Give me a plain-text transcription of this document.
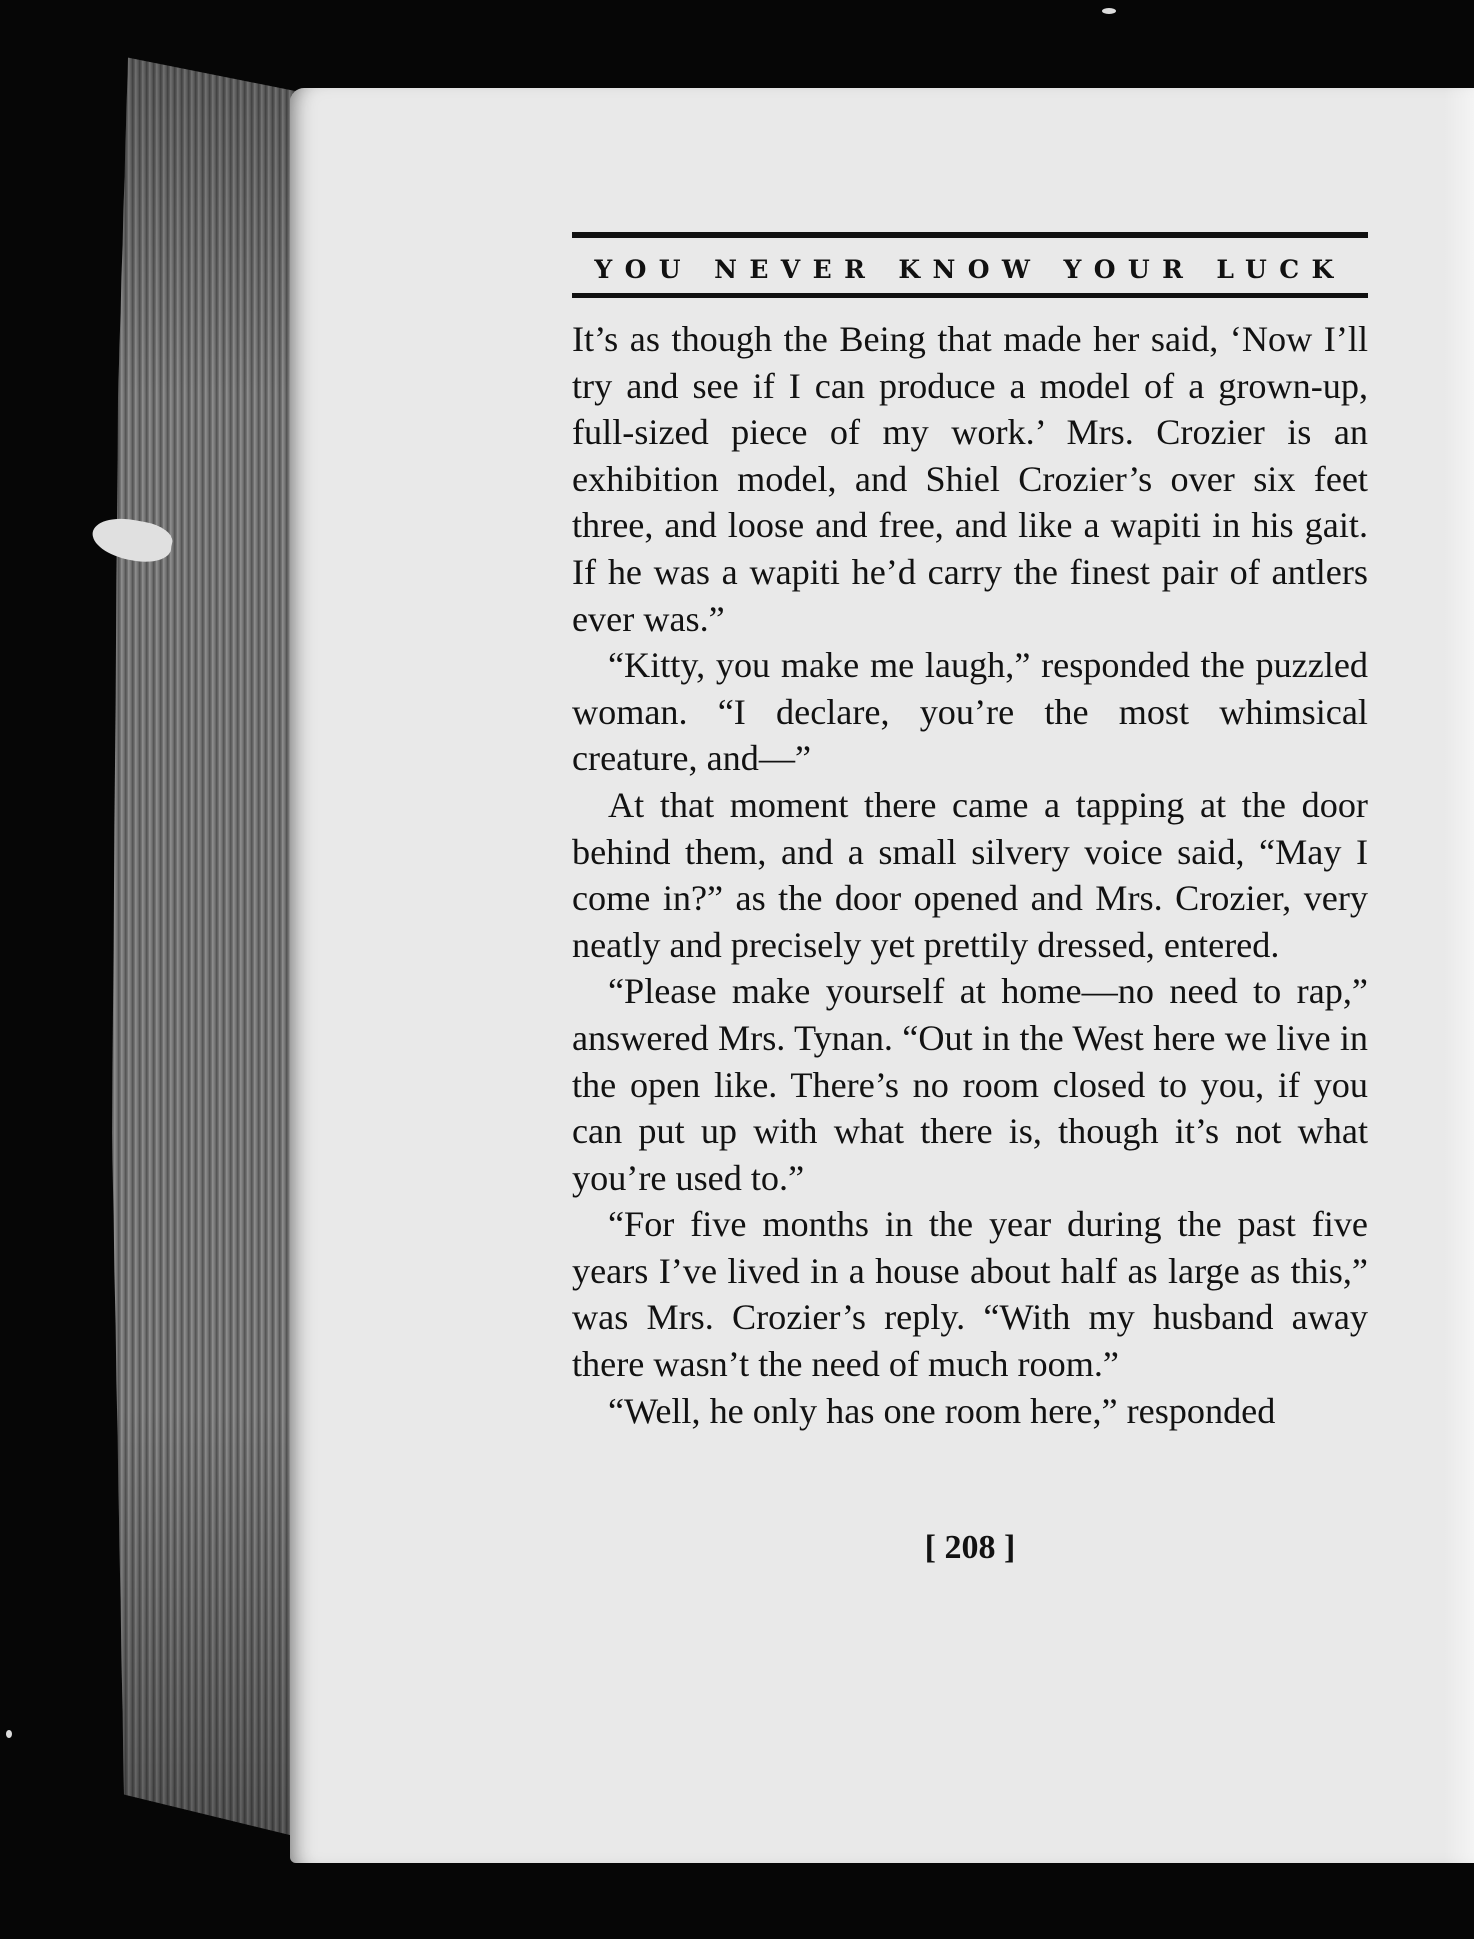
YOU NEVER KNOW YOUR LUCK

It’s as though the Being that made her said, ‘Now I’ll try and see if I can produce a model of a grown-up, full-sized piece of my work.’ Mrs. Crozier is an exhibition model, and Shiel Crozier’s over six feet three, and loose and free, and like a wapiti in his gait. If he was a wapiti he’d carry the finest pair of antlers ever was.”

“Kitty, you make me laugh,” responded the puzzled woman. “I declare, you’re the most whimsical creature, and—”

At that moment there came a tapping at the door behind them, and a small silvery voice said, “May I come in?” as the door opened and Mrs. Crozier, very neatly and precisely yet prettily dressed, entered.

“Please make yourself at home—no need to rap,” answered Mrs. Tynan. “Out in the West here we live in the open like. There’s no room closed to you, if you can put up with what there is, though it’s not what you’re used to.”

“For five months in the year during the past five years I’ve lived in a house about half as large as this,” was Mrs. Crozier’s reply. “With my husband away there wasn’t the need of much room.”

“Well, he only has one room here,” responded

[ 208 ]
